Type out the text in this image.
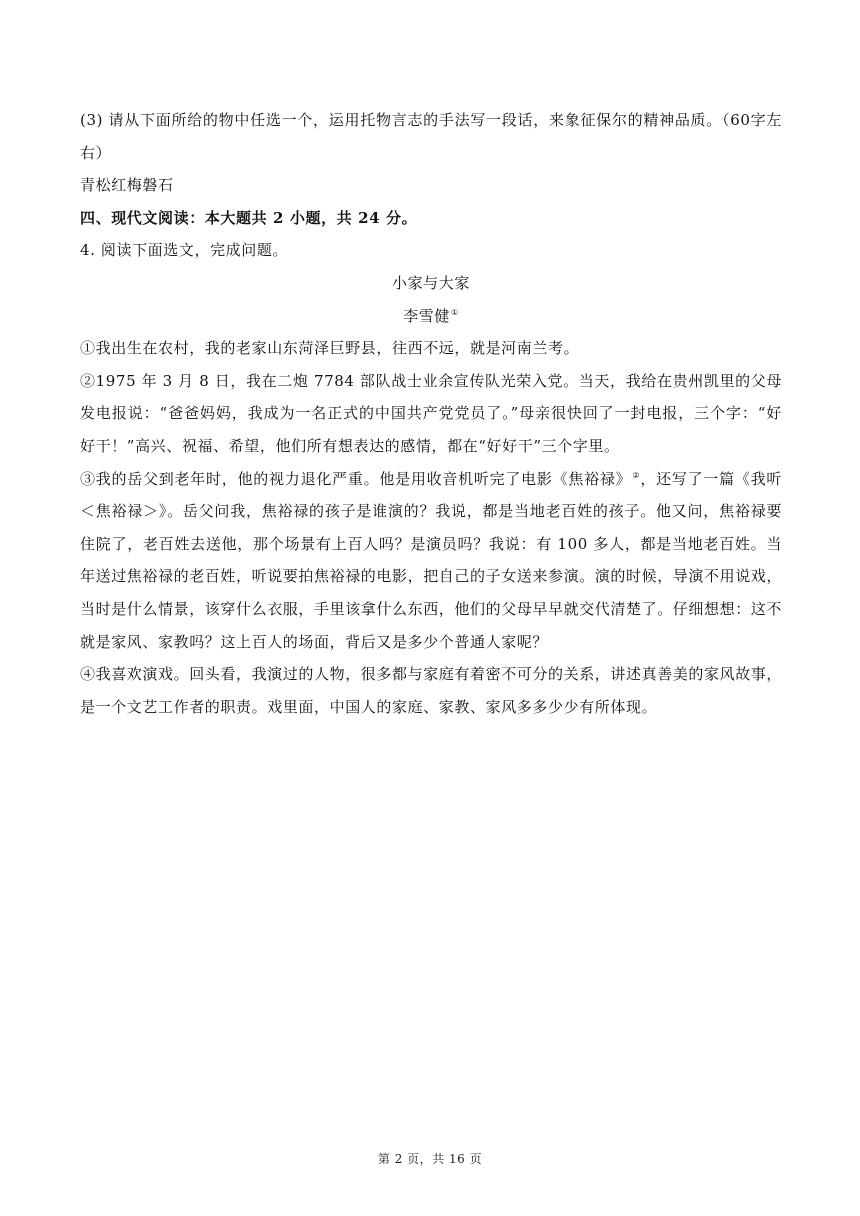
(3) 请从下面所给的物中任选一个，运用托物言志的手法写一段话，来象征保尔的精神品质。（60字左右）

青松红梅磐石

四、现代文阅读：本大题共 2 小题，共 24 分。

4. 阅读下面选文，完成问题。

小家与大家

李雪健①

①我出生在农村，我的老家山东菏泽巨野县，往西不远，就是河南兰考。

②1975 年 3 月 8 日，我在二炮 7784 部队战士业余宣传队光荣入党。当天，我给在贵州凯里的父母发电报说：“爸爸妈妈，我成为一名正式的中国共产党党员了。”母亲很快回了一封电报，三个字：“好好干！”高兴、祝福、希望，他们所有想表达的感情，都在“好好干”三个字里。

③我的岳父到老年时，他的视力退化严重。他是用收音机听完了电影《焦裕禄》②，还写了一篇《我听＜焦裕禄＞》。岳父问我，焦裕禄的孩子是谁演的？我说，都是当地老百姓的孩子。他又问，焦裕禄要住院了，老百姓去送他，那个场景有上百人吗？是演员吗？我说：有 100 多人，都是当地老百姓。当年送过焦裕禄的老百姓，听说要拍焦裕禄的电影，把自己的子女送来参演。演的时候，导演不用说戏，当时是什么情景，该穿什么衣服，手里该拿什么东西，他们的父母早早就交代清楚了。仔细想想：这不就是家风、家教吗？这上百人的场面，背后又是多少个普通人家呢？

④我喜欢演戏。回头看，我演过的人物，很多都与家庭有着密不可分的关系，讲述真善美的家风故事，是一个文艺工作者的职责。戏里面，中国人的家庭、家教、家风多多少少有所体现。

第 2 页，共 16 页
